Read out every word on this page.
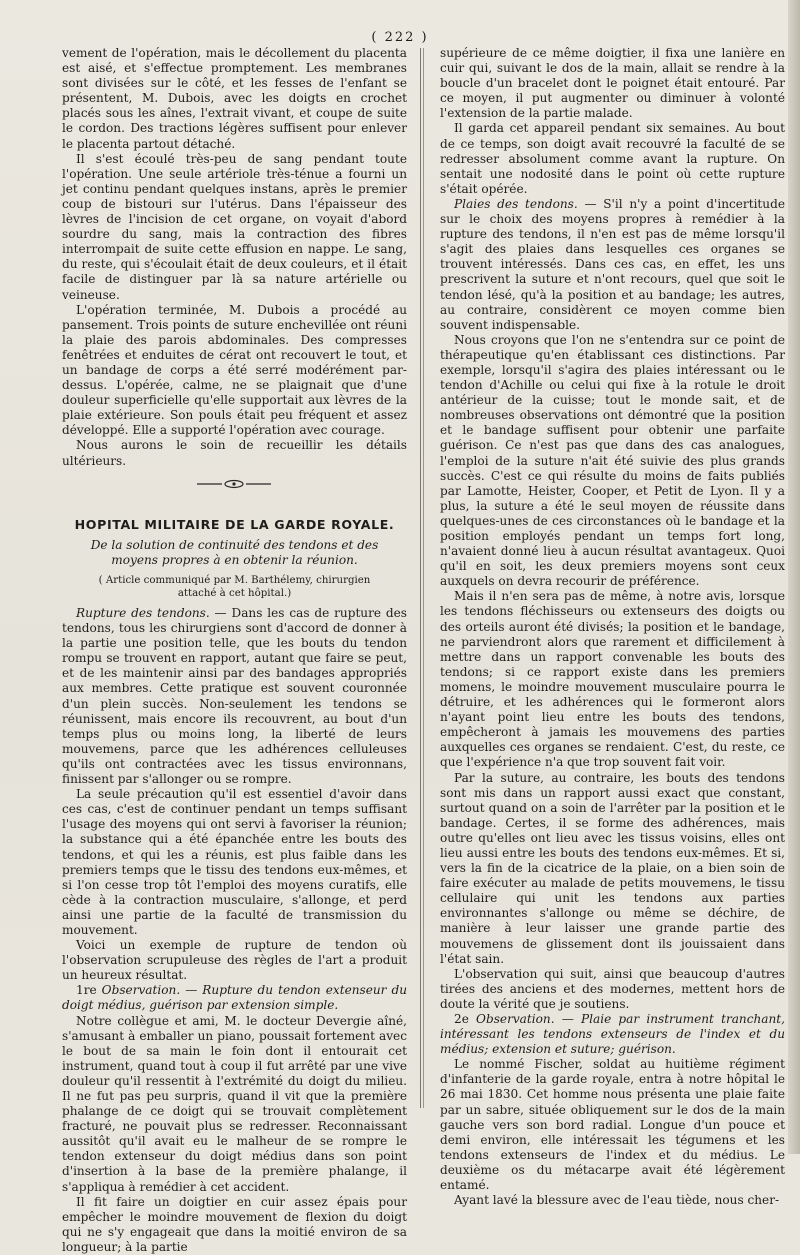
( 222 )

vement de l'opération, mais le décollement du placenta est aisé, et s'effectue promptement. Les membranes sont divisées sur le côté, et les fesses de l'enfant se présentent, M. Dubois, avec les doigts en crochet placés sous les aînes, l'extrait vivant, et coupe de suite le cordon. Des tractions légères suffisent pour enlever le placenta partout détaché.

Il s'est écoulé très-peu de sang pendant toute l'opération. Une seule artériole très-ténue a fourni un jet continu pendant quelques instans, après le premier coup de bistouri sur l'utérus. Dans l'épaisseur des lèvres de l'incision de cet organe, on voyait d'abord sourdre du sang, mais la contraction des fibres interrompait de suite cette effusion en nappe. Le sang, du reste, qui s'écoulait était de deux couleurs, et il était facile de distinguer par là sa nature artérielle ou veineuse.

L'opération terminée, M. Dubois a procédé au pansement. Trois points de suture enchevillée ont réuni la plaie des parois abdominales. Des compresses fenêtrées et enduites de cérat ont recouvert le tout, et un bandage de corps a été serré modérément par-dessus. L'opérée, calme, ne se plaignait que d'une douleur superficielle qu'elle supportait aux lèvres de la plaie extérieure. Son pouls était peu fréquent et assez développé. Elle a supporté l'opération avec courage.

Nous aurons le soin de recueillir les détails ultérieurs.

HOPITAL MILITAIRE DE LA GARDE ROYALE.

De la solution de continuité des tendons et des moyens propres à en obtenir la réunion.

( Article communiqué par M. Barthélemy, chirurgien attaché à cet hôpital.)

Rupture des tendons. — Dans les cas de rupture des tendons, tous les chirurgiens sont d'accord de donner à la partie une position telle, que les bouts du tendon rompu se trouvent en rapport, autant que faire se peut, et de les maintenir ainsi par des bandages appropriés aux membres. Cette pratique est souvent couronnée d'un plein succès. Non-seulement les tendons se réunissent, mais encore ils recouvrent, au bout d'un temps plus ou moins long, la liberté de leurs mouvemens, parce que les adhérences celluleuses qu'ils ont contractées avec les tissus environnans, finissent par s'allonger ou se rompre.

La seule précaution qu'il est essentiel d'avoir dans ces cas, c'est de continuer pendant un temps suffisant l'usage des moyens qui ont servi à favoriser la réunion; la substance qui a été épanchée entre les bouts des tendons, et qui les a réunis, est plus faible dans les premiers temps que le tissu des tendons eux-mêmes, et si l'on cesse trop tôt l'emploi des moyens curatifs, elle cède à la contraction musculaire, s'allonge, et perd ainsi une partie de la faculté de transmission du mouvement.

Voici un exemple de rupture de tendon où l'observation scrupuleuse des règles de l'art a produit un heureux résultat.

1re Observation. — Rupture du tendon extenseur du doigt médius, guérison par extension simple.

Notre collègue et ami, M. le docteur Devergie aîné, s'amusant à emballer un piano, poussait fortement avec le bout de sa main le foin dont il entourait cet instrument, quand tout à coup il fut arrêté par une vive douleur qu'il ressentit à l'extrémité du doigt du milieu. Il ne fut pas peu surpris, quand il vit que la première phalange de ce doigt qui se trouvait complètement fracturé, ne pouvait plus se redresser. Reconnaissant aussitôt qu'il avait eu le malheur de se rompre le tendon extenseur du doigt médius dans son point d'insertion à la base de la première phalange, il s'appliqua à remédier à cet accident.

Il fit faire un doigtier en cuir assez épais pour empêcher le moindre mouvement de flexion du doigt qui ne s'y engageait que dans la moitié environ de sa longueur; à la partie

supérieure de ce même doigtier, il fixa une lanière en cuir qui, suivant le dos de la main, allait se rendre à la boucle d'un bracelet dont le poignet était entouré. Par ce moyen, il put augmenter ou diminuer à volonté l'extension de la partie malade.

Il garda cet appareil pendant six semaines. Au bout de ce temps, son doigt avait recouvré la faculté de se redresser absolument comme avant la rupture. On sentait une nodosité dans le point où cette rupture s'était opérée.

Plaies des tendons. — S'il n'y a point d'incertitude sur le choix des moyens propres à remédier à la rupture des tendons, il n'en est pas de même lorsqu'il s'agit des plaies dans lesquelles ces organes se trouvent intéressés. Dans ces cas, en effet, les uns prescrivent la suture et n'ont recours, quel que soit le tendon lésé, qu'à la position et au bandage; les autres, au contraire, considèrent ce moyen comme bien souvent indispensable.

Nous croyons que l'on ne s'entendra sur ce point de thérapeutique qu'en établissant ces distinctions. Par exemple, lorsqu'il s'agira des plaies intéressant ou le tendon d'Achille ou celui qui fixe à la rotule le droit antérieur de la cuisse; tout le monde sait, et de nombreuses observations ont démontré que la position et le bandage suffisent pour obtenir une parfaite guérison. Ce n'est pas que dans des cas analogues, l'emploi de la suture n'ait été suivie des plus grands succès. C'est ce qui résulte du moins de faits publiés par Lamotte, Heister, Cooper, et Petit de Lyon. Il y a plus, la suture a été le seul moyen de réussite dans quelques-unes de ces circonstances où le bandage et la position employés pendant un temps fort long, n'avaient donné lieu à aucun résultat avantageux. Quoi qu'il en soit, les deux premiers moyens sont ceux auxquels on devra recourir de préférence.

Mais il n'en sera pas de même, à notre avis, lorsque les tendons fléchisseurs ou extenseurs des doigts ou des orteils auront été divisés; la position et le bandage, ne parviendront alors que rarement et difficilement à mettre dans un rapport convenable les bouts des tendons; si ce rapport existe dans les premiers momens, le moindre mouvement musculaire pourra le détruire, et les adhérences qui le formeront alors n'ayant point lieu entre les bouts des tendons, empêcheront à jamais les mouvemens des parties auxquelles ces organes se rendaient. C'est, du reste, ce que l'expérience n'a que trop souvent fait voir.

Par la suture, au contraire, les bouts des tendons sont mis dans un rapport aussi exact que constant, surtout quand on a soin de l'arrêter par la position et le bandage. Certes, il se forme des adhérences, mais outre qu'elles ont lieu avec les tissus voisins, elles ont lieu aussi entre les bouts des tendons eux-mêmes. Et si, vers la fin de la cicatrice de la plaie, on a bien soin de faire exécuter au malade de petits mouvemens, le tissu cellulaire qui unit les tendons aux parties environnantes s'allonge ou même se déchire, de manière à leur laisser une grande partie des mouvemens de glissement dont ils jouissaient dans l'état sain.

L'observation qui suit, ainsi que beaucoup d'autres tirées des anciens et des modernes, mettent hors de doute la vérité que je soutiens.

2e Observation. — Plaie par instrument tranchant, intéressant les tendons extenseurs de l'index et du médius; extension et suture; guérison.

Le nommé Fischer, soldat au huitième régiment d'infanterie de la garde royale, entra à notre hôpital le 26 mai 1830. Cet homme nous présenta une plaie faite par un sabre, située obliquement sur le dos de la main gauche vers son bord radial. Longue d'un pouce et demi environ, elle intéressait les tégumens et les tendons extenseurs de l'index et du médius. Le deuxième os du métacarpe avait été légèrement entamé.

Ayant lavé la blessure avec de l'eau tiède, nous cher-
